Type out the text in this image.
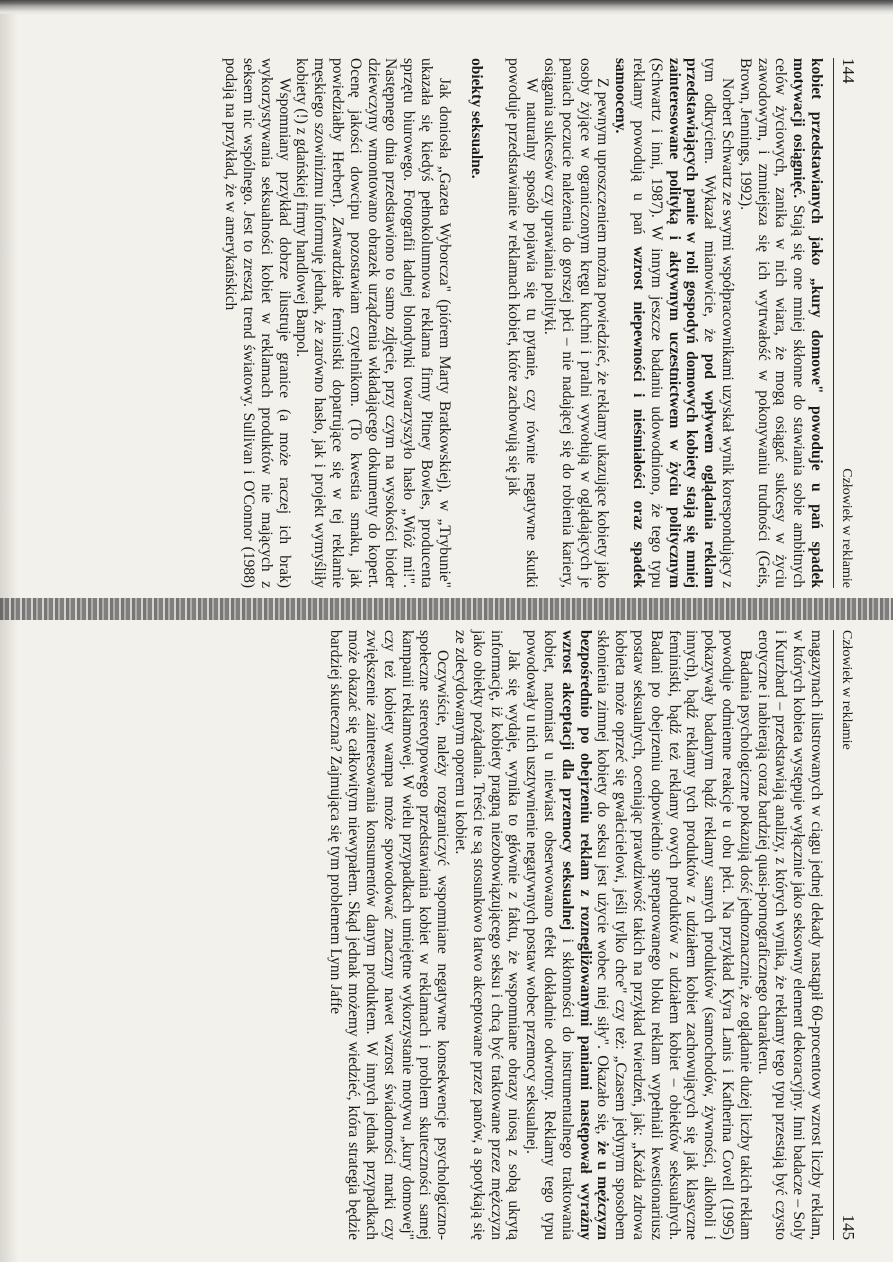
144
Człowiek w reklamie

kobiet przedstawianych jako „kury domowe" powoduje u pań spadek motywacji osiągnięć. Stają się one mniej skłonne do stawiania sobie ambitnych celów życiowych, zanika w nich wiara, że mogą osiągać sukcesy w życiu zawodowym, i zmniejsza się ich wytrwałość w pokonywaniu trudności (Geis, Brown, Jennings, 1992).

Norbert Schwartz ze swymi współpracownikami uzyskał wynik korespondujący z tym odkryciem. Wykazał mianowicie, że pod wpływem oglądania reklam przedstawiających panie w roli gospodyń domowych kobiety stają się mniej zainteresowane polityką i aktywnym uczestnictwem w życiu politycznym (Schwartz i inni, 1987). W innym jeszcze badaniu udowodniono, że tego typu reklamy powodują u pań wzrost niepewności i nieśmiałości oraz spadek samooceny.

Z pewnym uproszczeniem można powiedzieć, że reklamy ukazujące kobiety jako osoby żyjące w ograniczonym kręgu kuchni i pralni wywołują w oglądających je paniach poczucie należenia do gorszej płci – nie nadającej się do robienia kariery, osiągania sukcesów czy uprawiania polityki.

W naturalny sposób pojawia się tu pytanie, czy równie negatywne skutki powoduje przedstawianie w reklamach kobiet, które zachowują się jak

obiekty seksualne.

Jak doniosła „Gazeta Wyborcza" (piórem Marty Bratkowskiej), w „Trybunie" ukazała się kiedyś pełnokolumnowa reklama firmy Pitney Bowles, producenta sprzętu biurowego. Fotografii ładnej blondynki towarzyszyło hasło „Wióż mi!". Następnego dnia przedstawiono to samo zdjęcie, przy czym na wysokości bioder dziewczyny wmontowano obrazek urządzenia wkładającego dokumenty do kopert. Ocenę jakości dowcipu pozostawiam czytelnikom. (To kwestia smaku, jak powiedziałby Herbert). Zatwardziałe feministki dopatrujące się w tej reklamie męskiego szowinizmu informuję jednak, że zarówno hasło, jak i projekt wymyśliły kobiety (!) z gdańskiej firmy handlowej Banpol.

Wspomniany przykład dobrze ilustruje granice (a może raczej ich brak) wykorzystywania seksualności kobiet w reklamach produktów nie mających z seksem nic wspólnego. Jest to zresztą trend światowy. Sullivan i O'Connor (1988) podają na przykład, że w amerykańskich

Człowiek w reklamie
145

magazynach ilustrowanych w ciągu jednej dekady nastąpił 60-procentowy wzrost liczby reklam, w których kobieta występuje wyłącznie jako seksowny element dekoracyjny. Inni badacze – Soly i Kurzbard – przedstawiają analizy, z których wynika, że reklamy tego typu przestają być czysto erotyczne i nabierają coraz bardziej quasi-pornograficznego charakteru.

Badania psychologiczne pokazują dość jednoznacznie, że oglądanie dużej liczby takich reklam powoduje odmienne reakcje u obu płci. Na przykład Kyra Lanis i Katherina Covell (1995) pokazywały badanym bądź reklamy samych produktów (samochodów, żywności, alkoholi i innych), bądź reklamy tych produktów z udziałem kobiet zachowujących się jak klasyczne feministki, bądź też reklamy owych produktów z udziałem kobiet – obiektów seksualnych. Badani po obejrzeniu odpowiednio spreparowanego bloku reklam wypełniali kwestionariusz postaw seksualnych, oceniając prawdziwość takich na przykład twierdzeń, jak: „Każda zdrowa kobieta może oprzeć się gwałcicielowi, jeśli tylko chce" czy też: „Czasem jedynym sposobem skłonienia zimnej kobiety do seksu jest użycie wobec niej siły". Okazało się, że u mężczyzn bezpośrednio po obejrzeniu reklam z roznegliżowanymi paniami następował wyraźny wzrost akceptacji dla przemocy seksualnej i skłonności do instrumentalnego traktowania kobiet, natomiast u niewiast obserwowano efekt dokładnie odwrotny. Reklamy tego typu powodowały u nich usztywnienie negatywnych postaw wobec przemocy seksualnej.

Jak się wydaje, wynika to głównie z faktu, że wspomniane obrazy niosą z sobą ukrytą informację, iż kobiety pragną niezobowiązującego seksu i chcą być traktowane przez mężczyzn jako obiekty pożądania. Treści te są stosunkowo łatwo akceptowane przez panów, a spotykają się ze zdecydowanym oporem u kobiet.

Oczywiście, należy rozgraniczyć wspomniane negatywne konsekwencje psychologiczno-społeczne stereotypowego przedstawiania kobiet w reklamach i problem skuteczności samej kampanii reklamowej. W wielu przypadkach umiejętne wykorzystanie motywu „kury domowej" czy też kobiety wampa może spowodować znaczny nawet wzrost świadomości marki czy zwiększenie zainteresowania konsumentów danym produktem. W innych jednak przypadkach może okazać się całkowitym niewypałem. Skąd jednak możemy wiedzieć, która strategia będzie bardziej skuteczna? Zajmująca się tym problemem Lynn Jaffe
